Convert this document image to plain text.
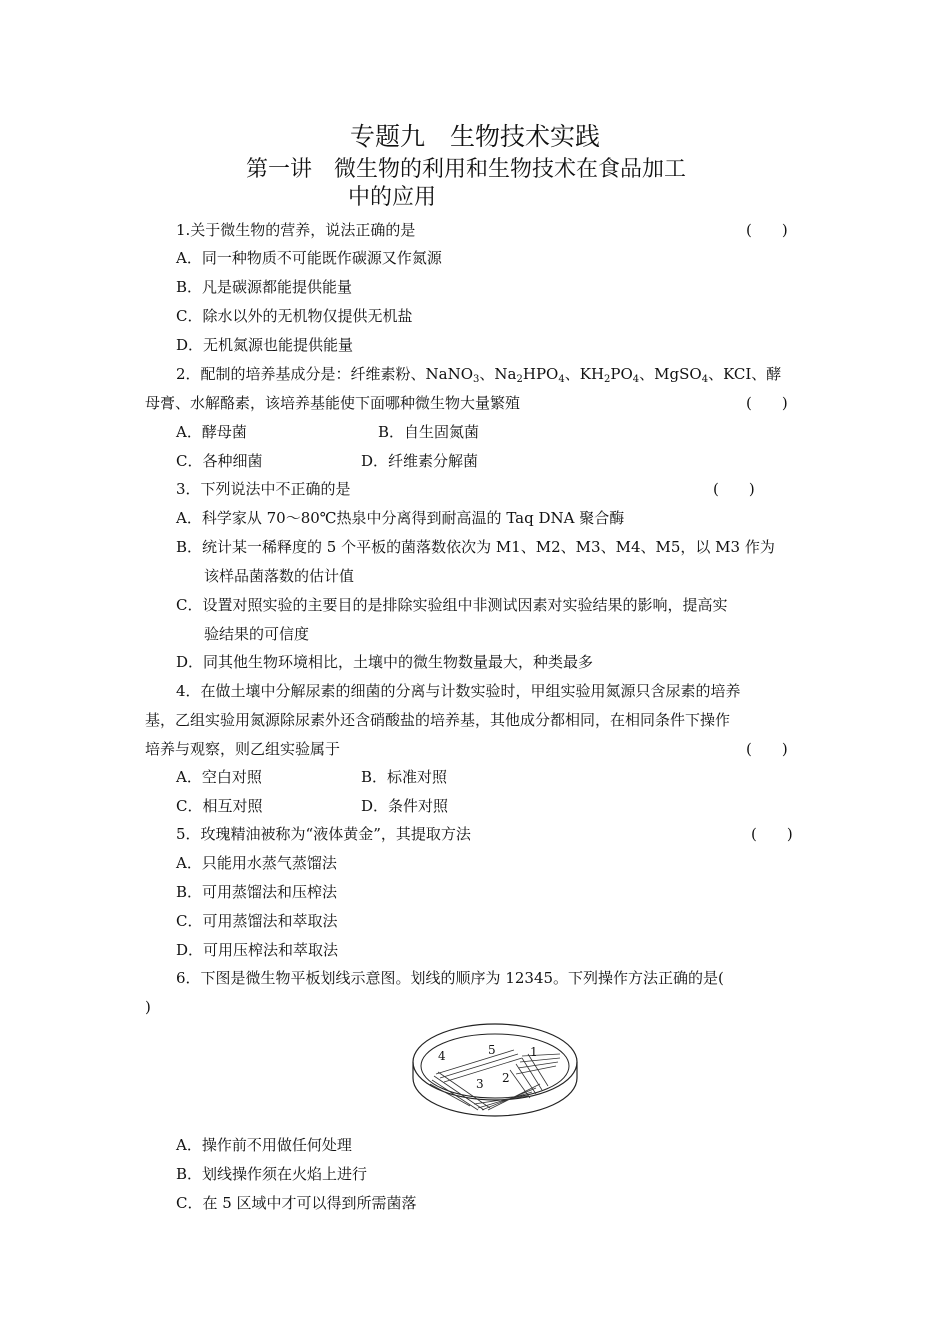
专题九　生物技术实践
第一讲　微生物的利用和生物技术在食品加工
中的应用
1.关于微生物的营养，说法正确的是	(　　)
A．同一种物质不可能既作碳源又作氮源
B．凡是碳源都能提供能量
C．除水以外的无机物仅提供无机盐
D．无机氮源也能提供能量
2．配制的培养基成分是：纤维素粉、NaNO$_3$、$Na_2HPO_4$、$KH_2PO_4$、MgSO$_4$、KCI、酵
母膏、水解酪素，该培养基能使下面哪种微生物大量繁殖	(　　)
A．酵母菌	B．自生固氮菌
C．各种细菌	D．纤维素分解菌
3．下列说法中不正确的是	(　　)
A．科学家从 70～80℃热泉中分离得到耐高温的 Taq DNA 聚合酶
B．统计某一稀释度的 5 个平板的菌落数依次为 M1、M2、M3、M4、M5，以 M3 作为
该样品菌落数的估计值
C．设置对照实验的主要目的是排除实验组中非测试因素对实验结果的影响，提高实
验结果的可信度
D．同其他生物环境相比，土壤中的微生物数量最大，种类最多
4．在做土壤中分解尿素的细菌的分离与计数实验时，甲组实验用氮源只含尿素的培养
基，乙组实验用氮源除尿素外还含硝酸盐的培养基，其他成分都相同，在相同条件下操作
培养与观察，则乙组实验属于	(　　)
A．空白对照	B．标准对照
C．相互对照	D．条件对照
5．玫瑰精油被称为“液体黄金”，其提取方法	(　　)
A．只能用水蒸气蒸馏法
B．可用蒸馏法和压榨法
C．可用蒸馏法和萃取法
D．可用压榨法和萃取法
6．下图是微生物平板划线示意图。划线的顺序为 12345。下列操作方法正确的是(
)
1
2
3
4	5
A．操作前不用做任何处理
B．划线操作须在火焰上进行
C．在 5 区域中才可以得到所需菌落
